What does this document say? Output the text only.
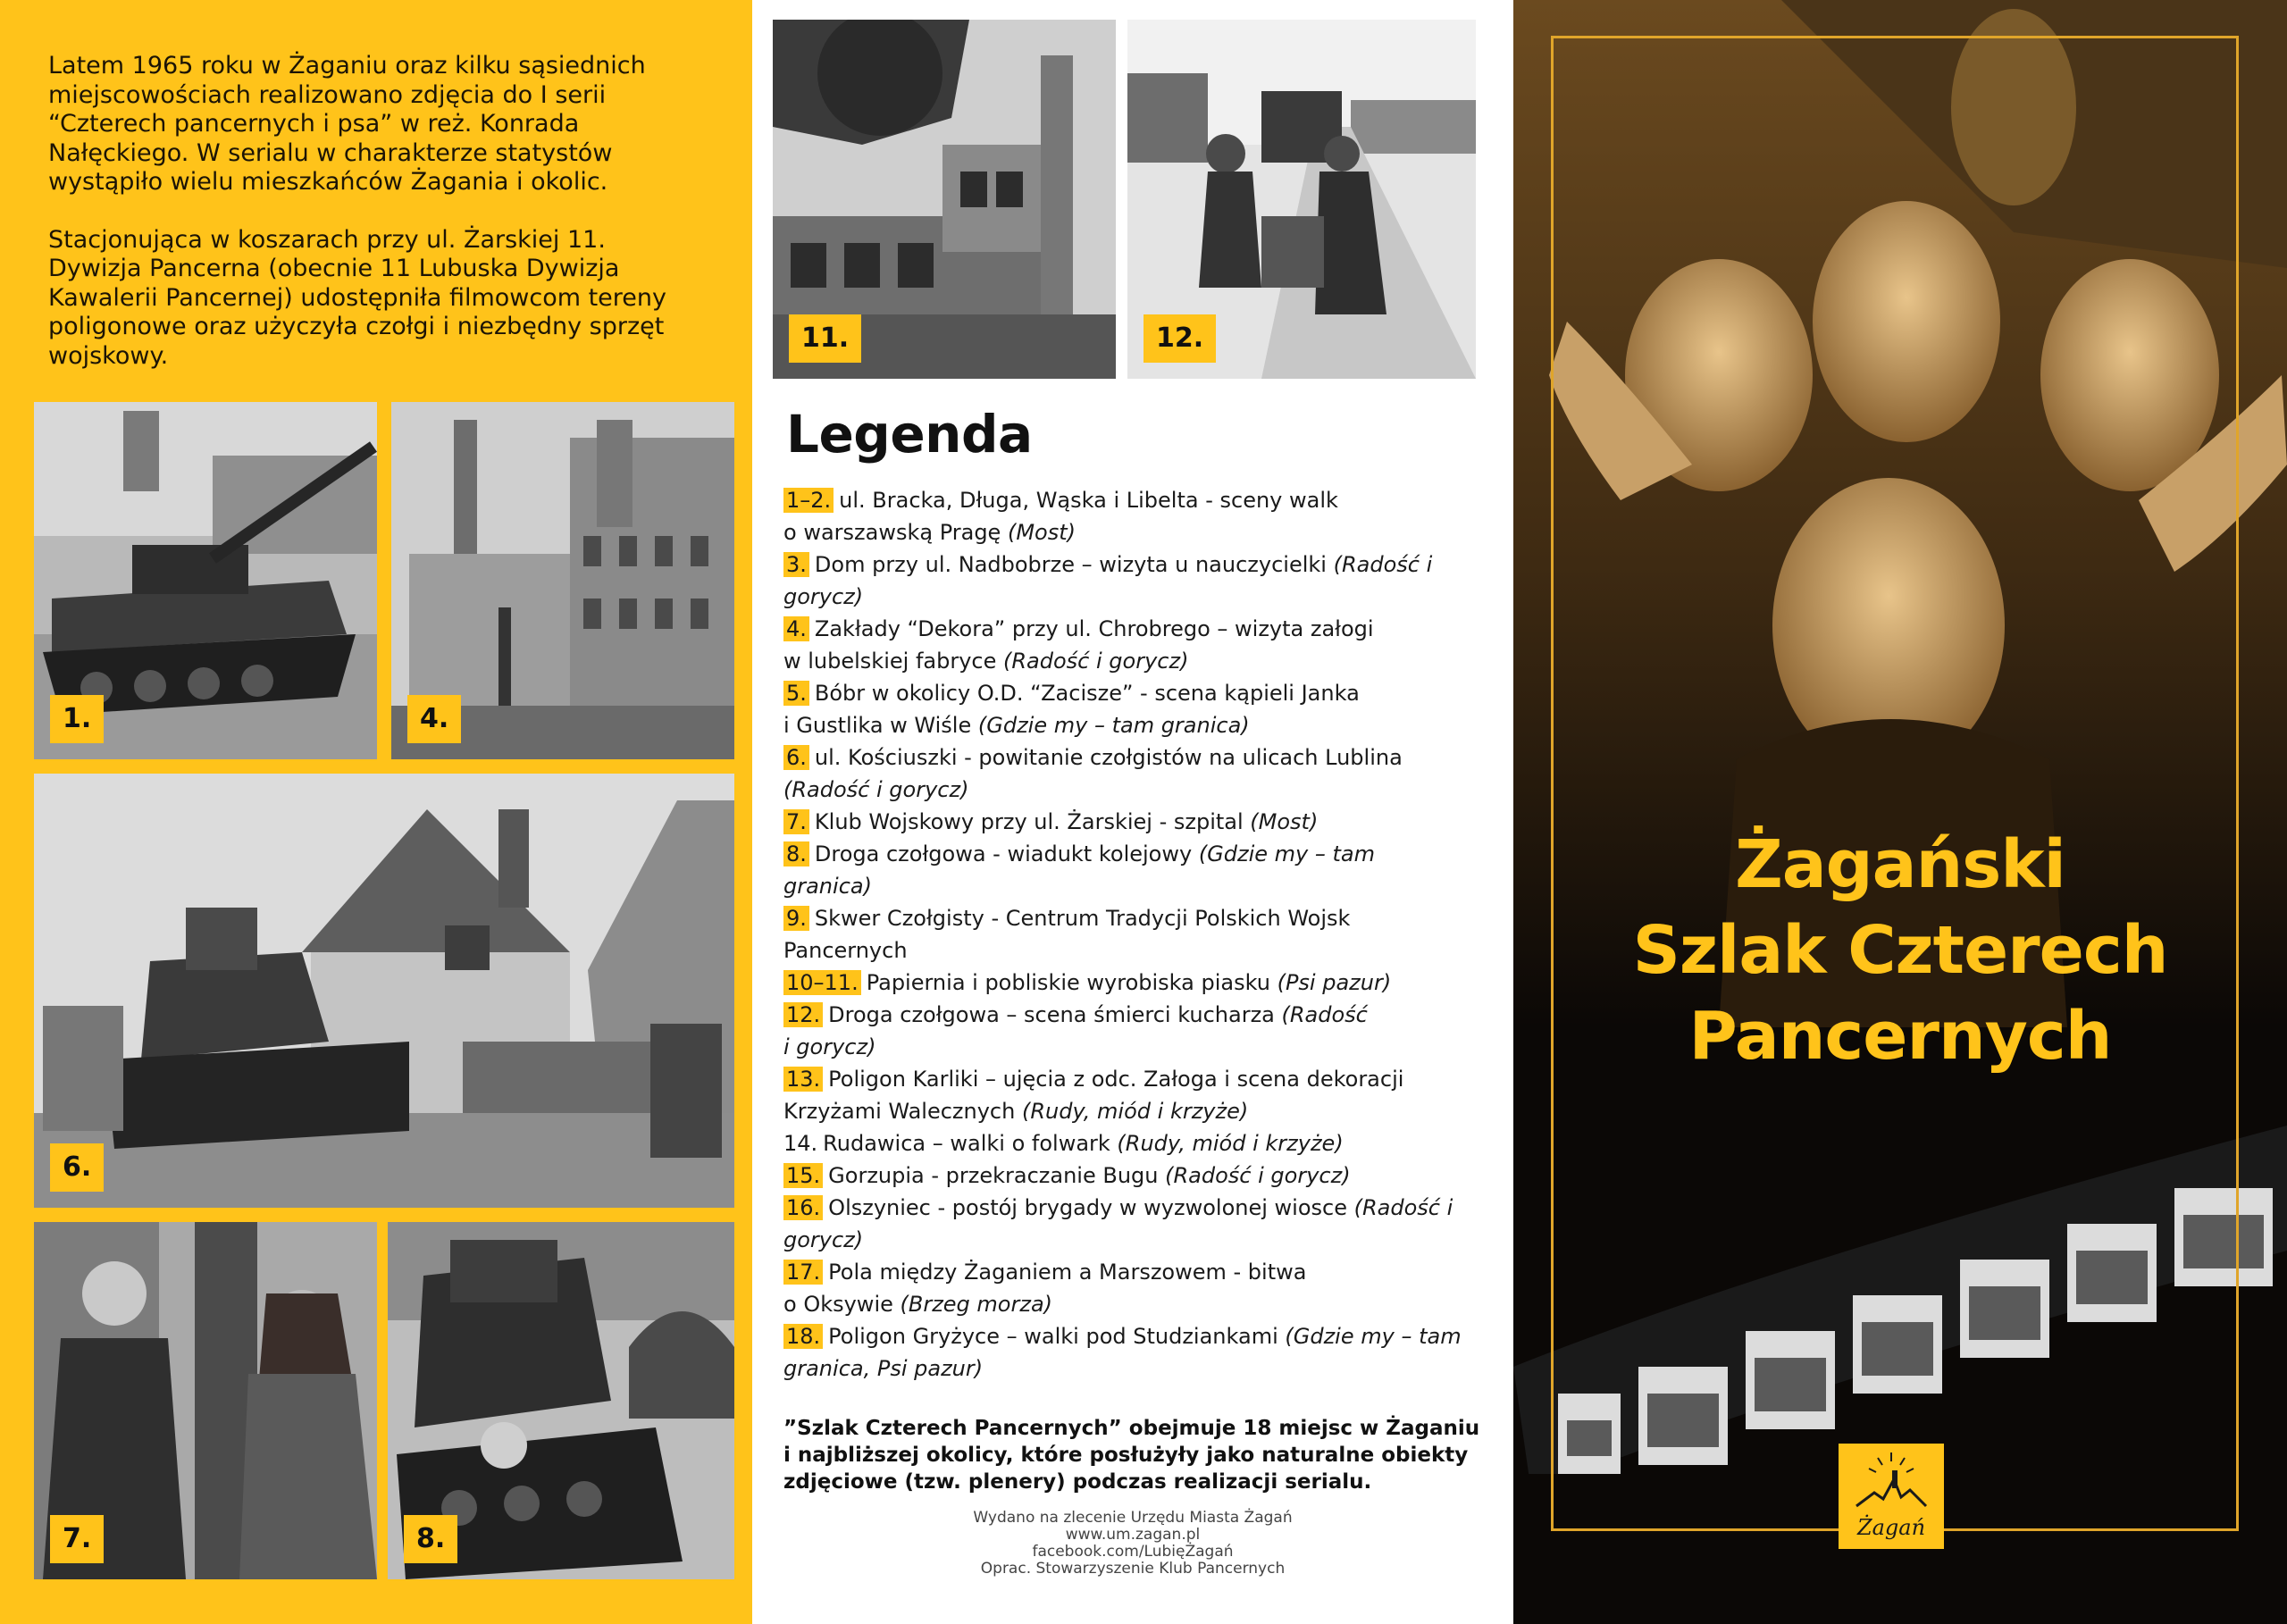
Latem 1965 roku w Żaganiu oraz kilku sąsiednich miejscowościach realizowano zdjęcia do I serii “Czterech pancernych i psa” w reż. Konrada Nałęckiego. W serialu w charakterze statystów wystąpiło wielu mieszkańców Żagania i okolic.

Stacjonująca w koszarach przy ul. Żarskiej 11. Dywizja Pancerna (obecnie 11 Lubuska Dywizja Kawalerii Pancernej) udostępniła filmowcom tereny poligonowe oraz użyczyła czołgi i niezbędny sprzęt wojskowy.

1.	4.
6.
7.	8.
11.	12.
Legenda
1–2. ul. Bracka, Długa, Wąska i Libelta - sceny walk
o warszawską Pragę (Most)
3. Dom przy ul. Nadbobrze – wizyta u nauczycielki (Radość i
gorycz)
4. Zakłady “Dekora” przy ul. Chrobrego – wizyta załogi
w lubelskiej fabryce (Radość i gorycz)
5. Bóbr w okolicy O.D. “Zacisze” - scena kąpieli Janka
i Gustlika w Wiśle (Gdzie my – tam granica)
6. ul. Kościuszki - powitanie czołgistów na ulicach Lublina
(Radość i gorycz)
7. Klub Wojskowy przy ul. Żarskiej - szpital (Most)
8. Droga czołgowa - wiadukt kolejowy (Gdzie my – tam
granica)
9. Skwer Czołgisty - Centrum Tradycji Polskich Wojsk
Pancernych
10–11. Papiernia i pobliskie wyrobiska piasku (Psi pazur)
12. Droga czołgowa – scena śmierci kucharza (Radość
i gorycz)
13. Poligon Karliki – ujęcia z odc. Załoga i scena dekoracji
Krzyżami Walecznych (Rudy, miód i krzyże)
14. Rudawica – walki o folwark (Rudy, miód i krzyże)
15. Gorzupia - przekraczanie Bugu (Radość i gorycz)
16. Olszyniec - postój brygady w wyzwolonej wiosce (Radość i
gorycz)
17. Pola między Żaganiem a Marszowem - bitwa
o Oksywie (Brzeg morza)
18. Poligon Gryżyce – walki pod Studziankami (Gdzie my – tam
granica, Psi pazur)

”Szlak Czterech Pancernych” obejmuje 18 miejsc w Żaganiu i najbliższej okolicy, które posłużyły jako naturalne obiekty zdjęciowe (tzw. plenery) podczas realizacji serialu.

Wydano na zlecenie Urzędu Miasta Żagań
www.um.zagan.pl
facebook.com/LubięŻagań
Oprac. Stowarzyszenie Klub Pancernych
Żagański
Szlak Czterech
Pancernych
Żagań
